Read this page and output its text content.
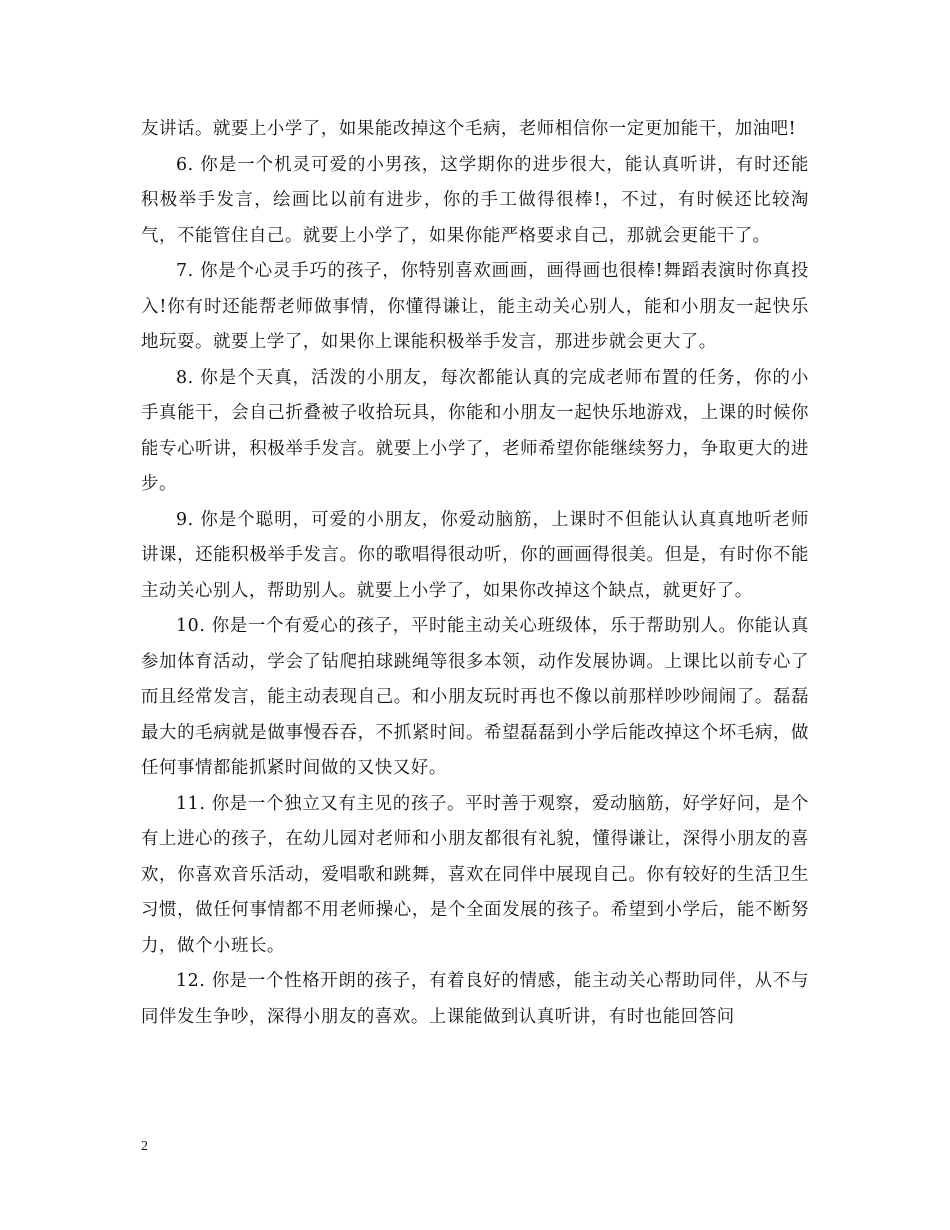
友讲话。就要上小学了，如果能改掉这个毛病，老师相信你一定更加能干，加油吧!

6. 你是一个机灵可爱的小男孩，这学期你的进步很大，能认真听讲，有时还能积极举手发言，绘画比以前有进步，你的手工做得很棒!，不过，有时候还比较淘气，不能管住自己。就要上小学了，如果你能严格要求自己，那就会更能干了。

7. 你是个心灵手巧的孩子，你特别喜欢画画，画得画也很棒!舞蹈表演时你真投入!你有时还能帮老师做事情，你懂得谦让，能主动关心别人，能和小朋友一起快乐地玩耍。就要上学了，如果你上课能积极举手发言，那进步就会更大了。

8. 你是个天真，活泼的小朋友，每次都能认真的完成老师布置的任务，你的小手真能干，会自己折叠被子收拾玩具，你能和小朋友一起快乐地游戏，上课的时候你能专心听讲，积极举手发言。就要上小学了，老师希望你能继续努力，争取更大的进步。

9. 你是个聪明，可爱的小朋友，你爱动脑筋，上课时不但能认认真真地听老师讲课，还能积极举手发言。你的歌唱得很动听，你的画画得很美。但是，有时你不能主动关心别人，帮助别人。就要上小学了，如果你改掉这个缺点，就更好了。

10. 你是一个有爱心的孩子，平时能主动关心班级体，乐于帮助别人。你能认真参加体育活动，学会了钻爬拍球跳绳等很多本领，动作发展协调。上课比以前专心了而且经常发言，能主动表现自己。和小朋友玩时再也不像以前那样吵吵闹闹了。磊磊最大的毛病就是做事慢吞吞，不抓紧时间。希望磊磊到小学后能改掉这个坏毛病，做任何事情都能抓紧时间做的又快又好。

11. 你是一个独立又有主见的孩子。平时善于观察，爱动脑筋，好学好问，是个有上进心的孩子，在幼儿园对老师和小朋友都很有礼貌，懂得谦让，深得小朋友的喜欢，你喜欢音乐活动，爱唱歌和跳舞，喜欢在同伴中展现自己。你有较好的生活卫生习惯，做任何事情都不用老师操心，是个全面发展的孩子。希望到小学后，能不断努力，做个小班长。

12. 你是一个性格开朗的孩子，有着良好的情感，能主动关心帮助同伴，从不与同伴发生争吵，深得小朋友的喜欢。上课能做到认真听讲，有时也能回答问

2
